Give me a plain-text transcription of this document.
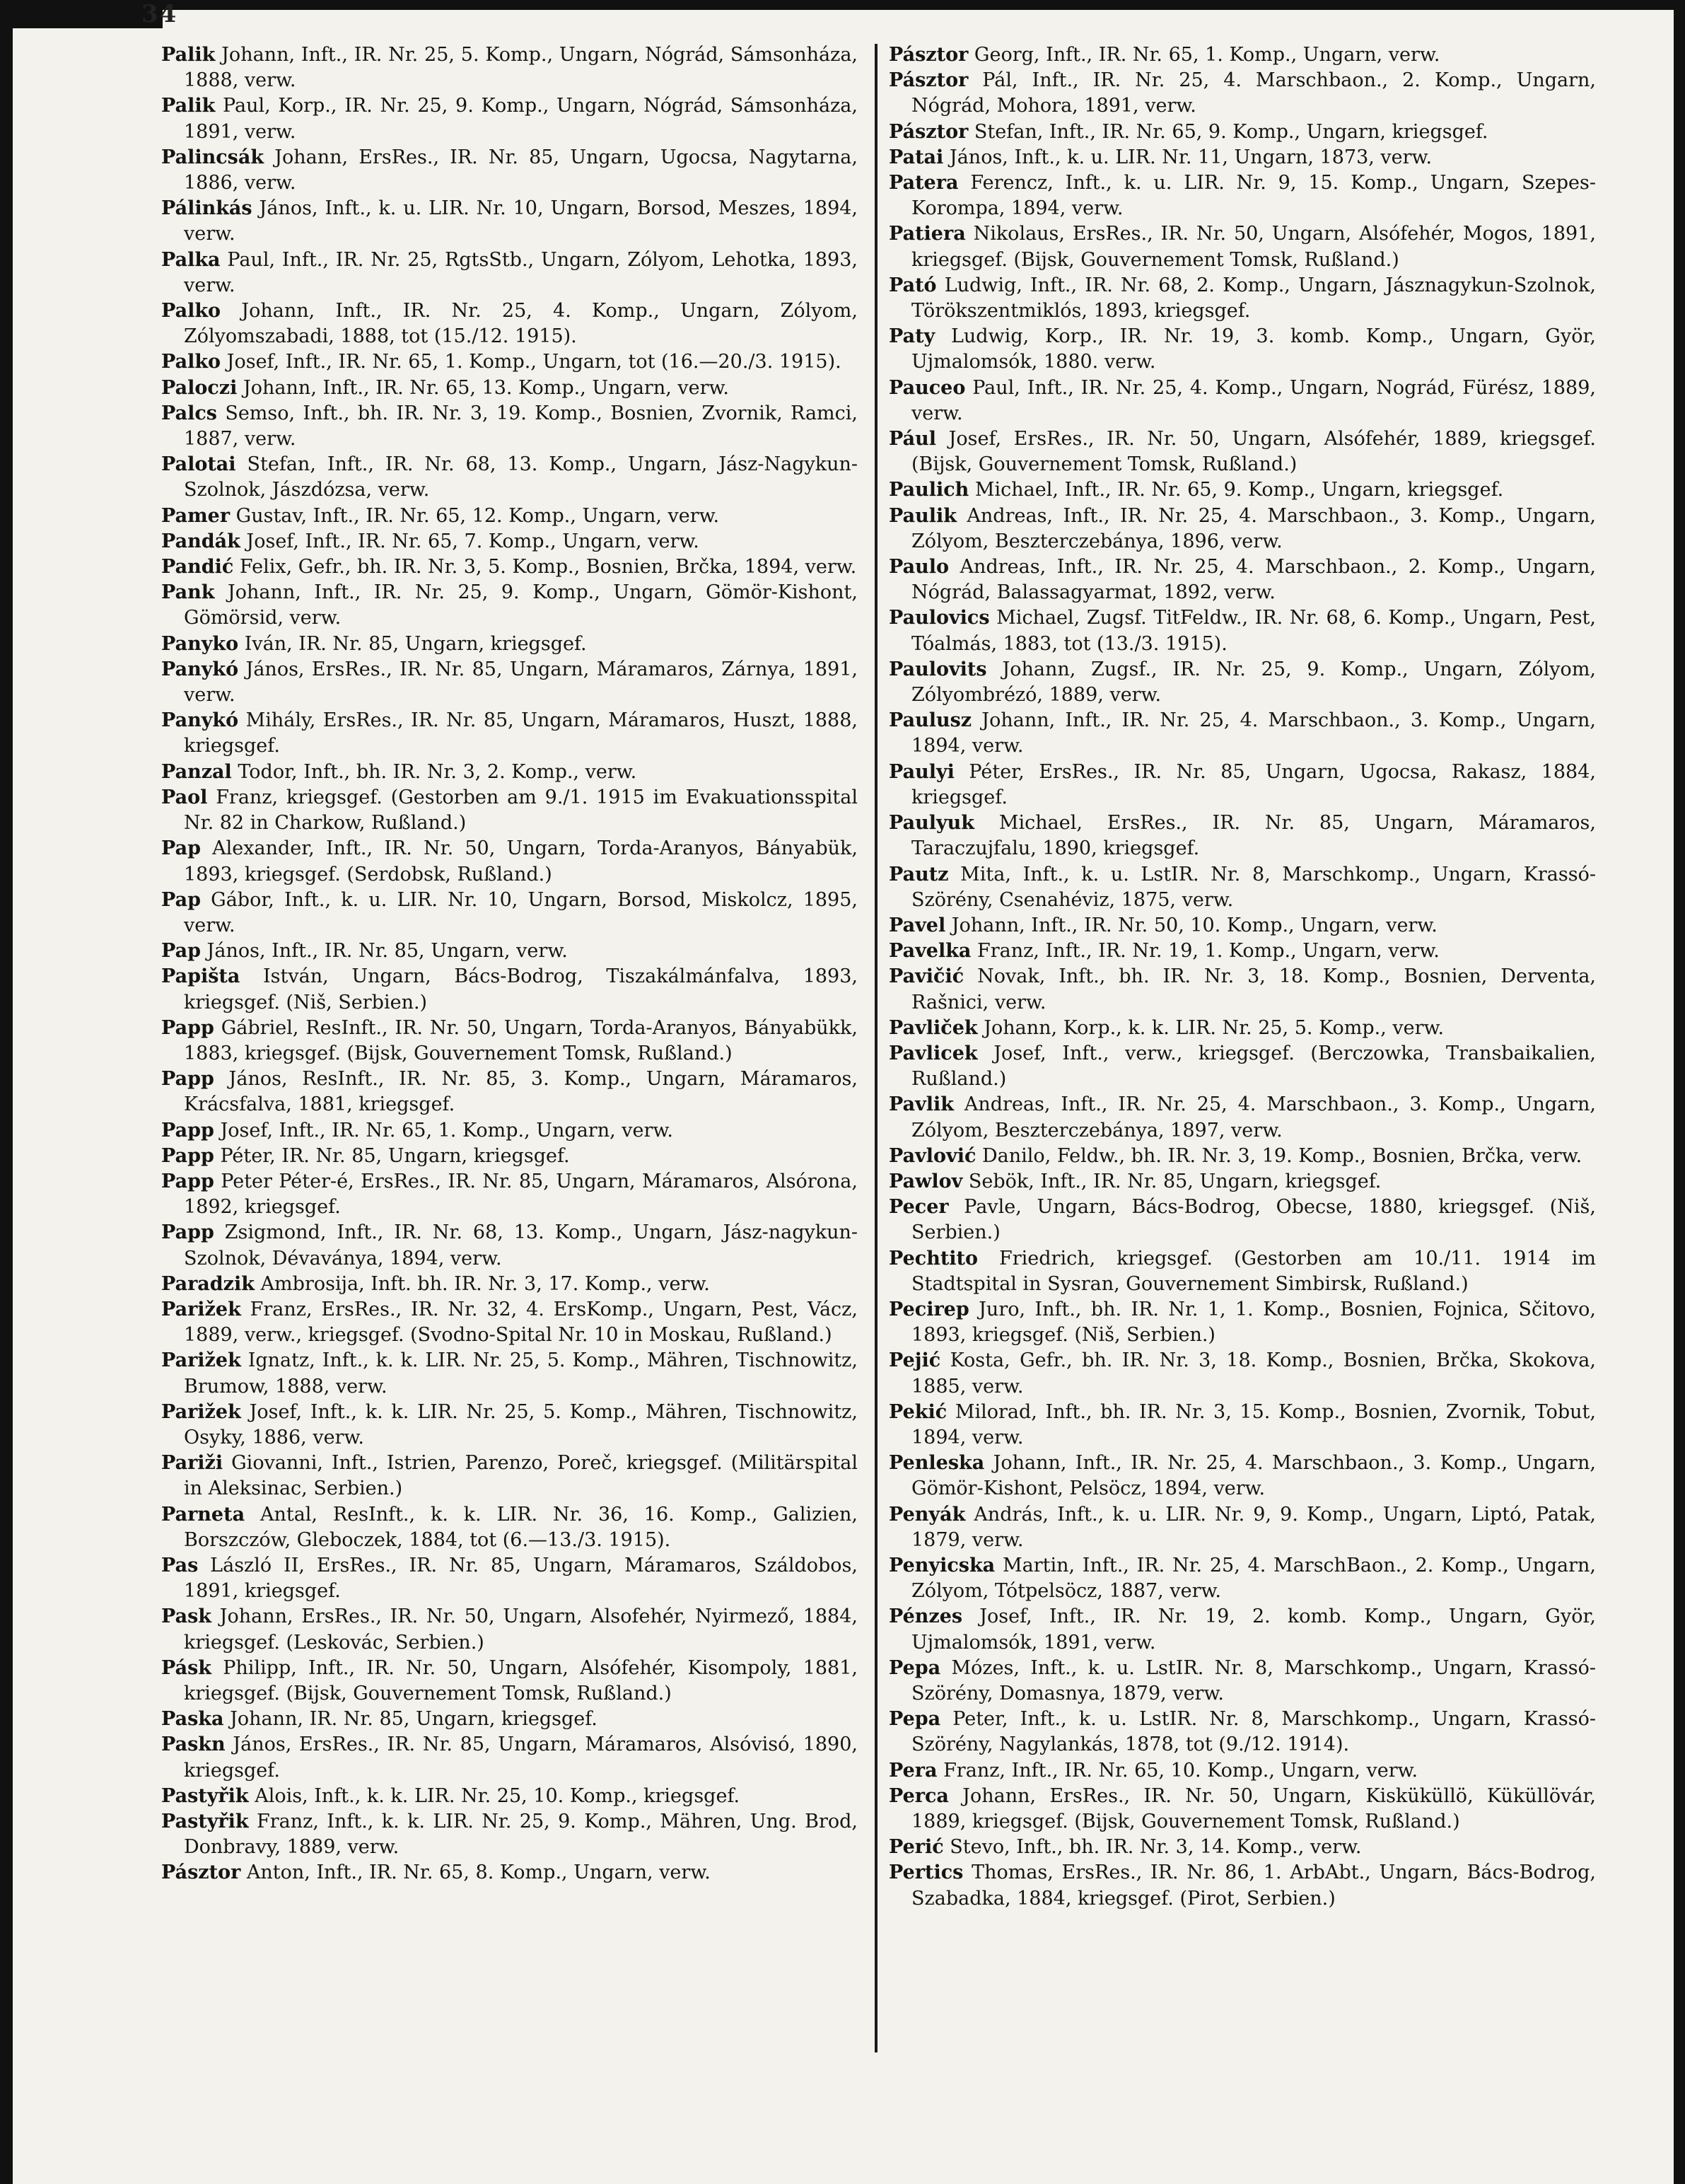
34
Palik Johann, Inft., IR. Nr. 25, 5. Komp., Ungarn, Nógrád, Sámsonháza, 1888, verw.
Palik Paul, Korp., IR. Nr. 25, 9. Komp., Ungarn, Nógrád, Sámsonháza, 1891, verw.
Palincsák Johann, ErsRes., IR. Nr. 85, Ungarn, Ugocsa, Nagytarna, 1886, verw.
Pálinkás János, Inft., k. u. LIR. Nr. 10, Ungarn, Borsod, Meszes, 1894, verw.
Palka Paul, Inft., IR. Nr. 25, RgtsStb., Ungarn, Zólyom, Lehotka, 1893, verw.
Palko Johann, Inft., IR. Nr. 25, 4. Komp., Ungarn, Zólyom, Zólyomszabadi, 1888, tot (15./12. 1915).
Palko Josef, Inft., IR. Nr. 65, 1. Komp., Ungarn, tot (16.—20./3. 1915).
Paloczi Johann, Inft., IR. Nr. 65, 13. Komp., Ungarn, verw.
Palcs Semso, Inft., bh. IR. Nr. 3, 19. Komp., Bosnien, Zvornik, Ramci, 1887, verw.
Palotai Stefan, Inft., IR. Nr. 68, 13. Komp., Ungarn, Jász-Nagykun-Szolnok, Jászdózsa, verw.
Pamer Gustav, Inft., IR. Nr. 65, 12. Komp., Ungarn, verw.
Pandák Josef, Inft., IR. Nr. 65, 7. Komp., Ungarn, verw.
Pandić Felix, Gefr., bh. IR. Nr. 3, 5. Komp., Bosnien, Brčka, 1894, verw.
Pank Johann, Inft., IR. Nr. 25, 9. Komp., Ungarn, Gömör-Kishont, Gömörsid, verw.
Panyko Iván, IR. Nr. 85, Ungarn, kriegsgef.
Panykó János, ErsRes., IR. Nr. 85, Ungarn, Máramaros, Zárnya, 1891, verw.
Panykó Mihály, ErsRes., IR. Nr. 85, Ungarn, Máramaros, Huszt, 1888, kriegsgef.
Panzal Todor, Inft., bh. IR. Nr. 3, 2. Komp., verw.
Paol Franz, kriegsgef. (Gestorben am 9./1. 1915 im Evakuationsspital Nr. 82 in Charkow, Rußland.)
Pap Alexander, Inft., IR. Nr. 50, Ungarn, Torda-Aranyos, Bányabük, 1893, kriegsgef. (Serdobsk, Rußland.)
Pap Gábor, Inft., k. u. LIR. Nr. 10, Ungarn, Borsod, Miskolcz, 1895, verw.
Pap János, Inft., IR. Nr. 85, Ungarn, verw.
Papišta István, Ungarn, Bács-Bodrog, Tiszakálmánfalva, 1893, kriegsgef. (Niš, Serbien.)
Papp Gábriel, ResInft., IR. Nr. 50, Ungarn, Torda-Aranyos, Bányabükk, 1883, kriegsgef. (Bijsk, Gouvernement Tomsk, Rußland.)
Papp János, ResInft., IR. Nr. 85, 3. Komp., Ungarn, Máramaros, Krácsfalva, 1881, kriegsgef.
Papp Josef, Inft., IR. Nr. 65, 1. Komp., Ungarn, verw.
Papp Péter, IR. Nr. 85, Ungarn, kriegsgef.
Papp Peter Péter-é, ErsRes., IR. Nr. 85, Ungarn, Máramaros, Alsórona, 1892, kriegsgef.
Papp Zsigmond, Inft., IR. Nr. 68, 13. Komp., Ungarn, Jász-nagykun-Szolnok, Dévaványa, 1894, verw.
Paradzik Ambrosija, Inft. bh. IR. Nr. 3, 17. Komp., verw.
Parižek Franz, ErsRes., IR. Nr. 32, 4. ErsKomp., Ungarn, Pest, Vácz, 1889, verw., kriegsgef. (Svodno-Spital Nr. 10 in Moskau, Rußland.)
Parižek Ignatz, Inft., k. k. LIR. Nr. 25, 5. Komp., Mähren, Tischnowitz, Brumow, 1888, verw.
Parižek Josef, Inft., k. k. LIR. Nr. 25, 5. Komp., Mähren, Tischnowitz, Osyky, 1886, verw.
Pariži Giovanni, Inft., Istrien, Parenzo, Poreč, kriegsgef. (Militärspital in Aleksinac, Serbien.)
Parneta Antal, ResInft., k. k. LIR. Nr. 36, 16. Komp., Galizien, Borszczów, Gleboczek, 1884, tot (6.—13./3. 1915).
Pas László II, ErsRes., IR. Nr. 85, Ungarn, Máramaros, Száldobos, 1891, kriegsgef.
Pask Johann, ErsRes., IR. Nr. 50, Ungarn, Alsofehér, Nyirmező, 1884, kriegsgef. (Leskovác, Serbien.)
Pásk Philipp, Inft., IR. Nr. 50, Ungarn, Alsófehér, Kisompoly, 1881, kriegsgef. (Bijsk, Gouvernement Tomsk, Rußland.)
Paska Johann, IR. Nr. 85, Ungarn, kriegsgef.
Paskn János, ErsRes., IR. Nr. 85, Ungarn, Máramaros, Alsóvisó, 1890, kriegsgef.
Pastyřik Alois, Inft., k. k. LIR. Nr. 25, 10. Komp., kriegsgef.
Pastyřik Franz, Inft., k. k. LIR. Nr. 25, 9. Komp., Mähren, Ung. Brod, Donbravy, 1889, verw.
Pásztor Anton, Inft., IR. Nr. 65, 8. Komp., Ungarn, verw.
Pásztor Georg, Inft., IR. Nr. 65, 1. Komp., Ungarn, verw.
Pásztor Pál, Inft., IR. Nr. 25, 4. Marschbaon., 2. Komp., Ungarn, Nógrád, Mohora, 1891, verw.
Pásztor Stefan, Inft., IR. Nr. 65, 9. Komp., Ungarn, kriegsgef.
Patai János, Inft., k. u. LIR. Nr. 11, Ungarn, 1873, verw.
Patera Ferencz, Inft., k. u. LIR. Nr. 9, 15. Komp., Ungarn, Szepes-Korompa, 1894, verw.
Patiera Nikolaus, ErsRes., IR. Nr. 50, Ungarn, Alsófehér, Mogos, 1891, kriegsgef. (Bijsk, Gouvernement Tomsk, Rußland.)
Pató Ludwig, Inft., IR. Nr. 68, 2. Komp., Ungarn, Jásznagykun-Szolnok, Törökszentmiklós, 1893, kriegsgef.
Paty Ludwig, Korp., IR. Nr. 19, 3. komb. Komp., Ungarn, Györ, Ujmalomsók, 1880. verw.
Pauceo Paul, Inft., IR. Nr. 25, 4. Komp., Ungarn, Nográd, Fürész, 1889, verw.
Pául Josef, ErsRes., IR. Nr. 50, Ungarn, Alsófehér, 1889, kriegsgef. (Bijsk, Gouvernement Tomsk, Rußland.)
Paulich Michael, Inft., IR. Nr. 65, 9. Komp., Ungarn, kriegsgef.
Paulik Andreas, Inft., IR. Nr. 25, 4. Marschbaon., 3. Komp., Ungarn, Zólyom, Beszterczebánya, 1896, verw.
Paulo Andreas, Inft., IR. Nr. 25, 4. Marschbaon., 2. Komp., Ungarn, Nógrád, Balassagyarmat, 1892, verw.
Paulovics Michael, Zugsf. TitFeldw., IR. Nr. 68, 6. Komp., Ungarn, Pest, Tóalmás, 1883, tot (13./3. 1915).
Paulovits Johann, Zugsf., IR. Nr. 25, 9. Komp., Ungarn, Zólyom, Zólyombrézó, 1889, verw.
Paulusz Johann, Inft., IR. Nr. 25, 4. Marschbaon., 3. Komp., Ungarn, 1894, verw.
Paulyi Péter, ErsRes., IR. Nr. 85, Ungarn, Ugocsa, Rakasz, 1884, kriegsgef.
Paulyuk Michael, ErsRes., IR. Nr. 85, Ungarn, Máramaros, Taraczujfalu, 1890, kriegsgef.
Pautz Mita, Inft., k. u. LstIR. Nr. 8, Marschkomp., Ungarn, Krassó-Szörény, Csenahéviz, 1875, verw.
Pavel Johann, Inft., IR. Nr. 50, 10. Komp., Ungarn, verw.
Pavelka Franz, Inft., IR. Nr. 19, 1. Komp., Ungarn, verw.
Pavičić Novak, Inft., bh. IR. Nr. 3, 18. Komp., Bosnien, Derventa, Rašnici, verw.
Pavliček Johann, Korp., k. k. LIR. Nr. 25, 5. Komp., verw.
Pavlicek Josef, Inft., verw., kriegsgef. (Berczowka, Transbaikalien, Rußland.)
Pavlik Andreas, Inft., IR. Nr. 25, 4. Marschbaon., 3. Komp., Ungarn, Zólyom, Beszterczebánya, 1897, verw.
Pavlović Danilo, Feldw., bh. IR. Nr. 3, 19. Komp., Bosnien, Brčka, verw.
Pawlov Sebök, Inft., IR. Nr. 85, Ungarn, kriegsgef.
Pecer Pavle, Ungarn, Bács-Bodrog, Obecse, 1880, kriegsgef. (Niš, Serbien.)
Pechtito Friedrich, kriegsgef. (Gestorben am 10./11. 1914 im Stadtspital in Sysran, Gouvernement Simbirsk, Rußland.)
Pecirep Juro, Inft., bh. IR. Nr. 1, 1. Komp., Bosnien, Fojnica, Sčitovo, 1893, kriegsgef. (Niš, Serbien.)
Pejić Kosta, Gefr., bh. IR. Nr. 3, 18. Komp., Bosnien, Brčka, Skokova, 1885, verw.
Pekić Milorad, Inft., bh. IR. Nr. 3, 15. Komp., Bosnien, Zvornik, Tobut, 1894, verw.
Penleska Johann, Inft., IR. Nr. 25, 4. Marschbaon., 3. Komp., Ungarn, Gömör-Kishont, Pelsöcz, 1894, verw.
Penyák András, Inft., k. u. LIR. Nr. 9, 9. Komp., Ungarn, Liptó, Patak, 1879, verw.
Penyicska Martin, Inft., IR. Nr. 25, 4. MarschBaon., 2. Komp., Ungarn, Zólyom, Tótpelsöcz, 1887, verw.
Pénzes Josef, Inft., IR. Nr. 19, 2. komb. Komp., Ungarn, Györ, Ujmalomsók, 1891, verw.
Pepa Mózes, Inft., k. u. LstIR. Nr. 8, Marschkomp., Ungarn, Krassó-Szörény, Domasnya, 1879, verw.
Pepa Peter, Inft., k. u. LstIR. Nr. 8, Marschkomp., Ungarn, Krassó-Szörény, Nagylankás, 1878, tot (9./12. 1914).
Pera Franz, Inft., IR. Nr. 65, 10. Komp., Ungarn, verw.
Perca Johann, ErsRes., IR. Nr. 50, Ungarn, Kisküküllö, Küküllövár, 1889, kriegsgef. (Bijsk, Gouvernement Tomsk, Rußland.)
Perić Stevo, Inft., bh. IR. Nr. 3, 14. Komp., verw.
Pertics Thomas, ErsRes., IR. Nr. 86, 1. ArbAbt., Ungarn, Bács-Bodrog, Szabadka, 1884, kriegsgef. (Pirot, Serbien.)
